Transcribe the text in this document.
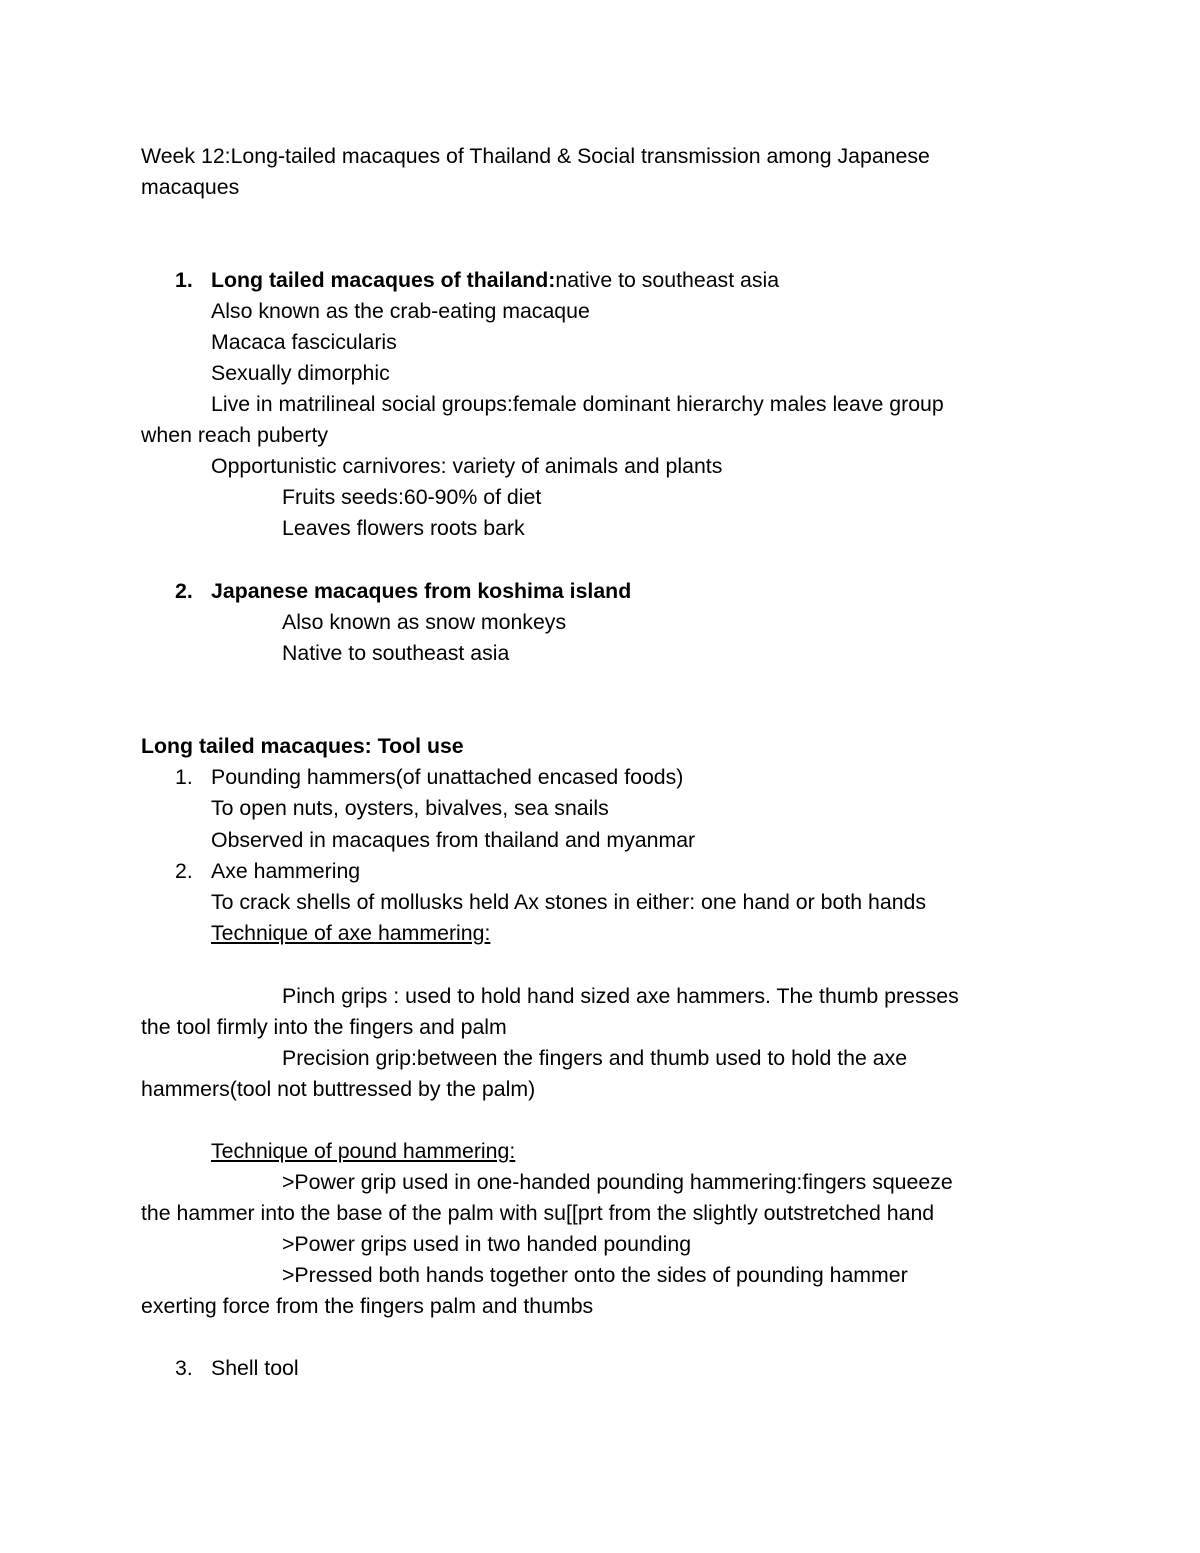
Week 12:Long-tailed macaques of Thailand & Social transmission among Japanese
macaques
1. Long tailed macaques of thailand:native to southeast asia
Also known as the crab-eating macaque
Macaca fascicularis
Sexually dimorphic
Live in matrilineal social groups:female dominant hierarchy males leave group
when reach puberty
Opportunistic carnivores: variety of animals and plants
Fruits seeds:60-90% of diet
Leaves flowers roots bark
2. Japanese macaques from koshima island
Also known as snow monkeys
Native to southeast asia
Long tailed macaques: Tool use
1. Pounding hammers(of unattached encased foods)
To open nuts, oysters, bivalves, sea snails
Observed in macaques from thailand and myanmar
2. Axe hammering
To crack shells of mollusks held Ax stones in either: one hand or both hands
Technique of axe hammering:
Pinch grips : used to hold hand sized axe hammers. The thumb presses
the tool firmly into the fingers and palm
Precision grip:between the fingers and thumb used to hold the axe
hammers(tool not buttressed by the palm)
Technique of pound hammering:
>Power grip used in one-handed pounding hammering:fingers squeeze
the hammer into the base of the palm with su[[prt from the slightly outstretched hand
>Power grips used in two handed pounding
>Pressed both hands together onto the sides of pounding hammer
exerting force from the fingers palm and thumbs
3. Shell tool
